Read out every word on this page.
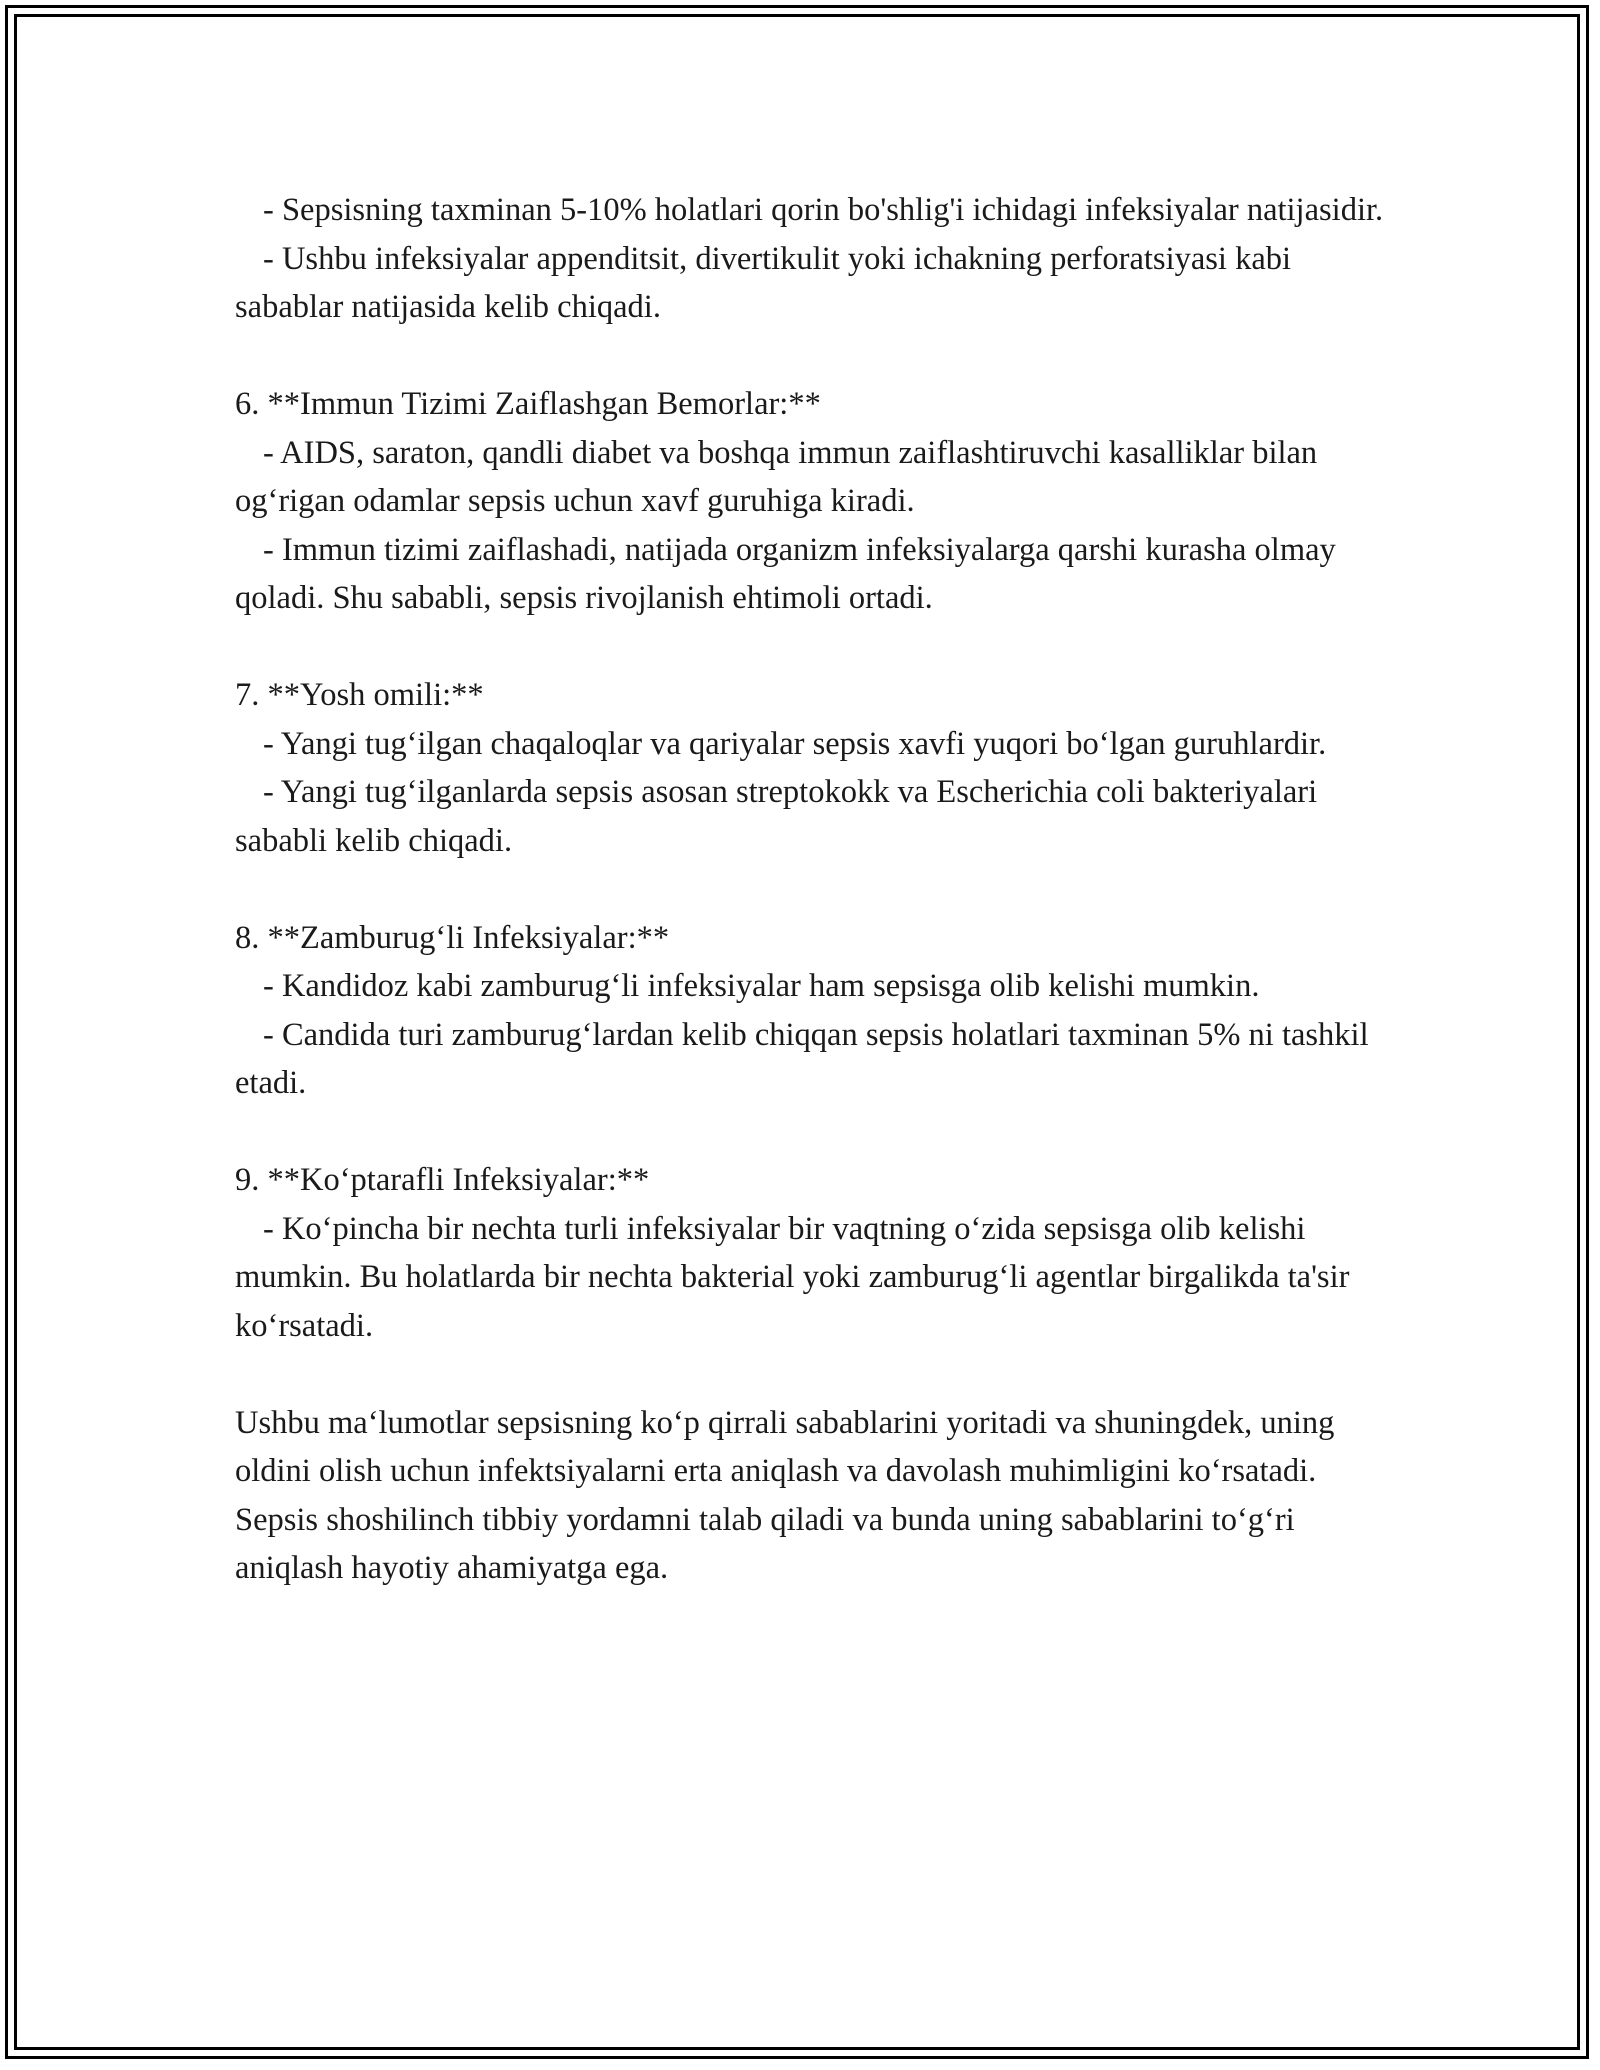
- Sepsisning taxminan 5-10% holatlari qorin bo'shlig'i ichidagi infeksiyalar natijasidir.
- Ushbu infeksiyalar appenditsit, divertikulit yoki ichakning perforatsiyasi kabi sabablar natijasida kelib chiqadi.
6. **Immun Tizimi Zaiflashgan Bemorlar:**
- AIDS, saraton, qandli diabet va boshqa immun zaiflashtiruvchi kasalliklar bilan og‘rigan odamlar sepsis uchun xavf guruhiga kiradi.
- Immun tizimi zaiflashadi, natijada organizm infeksiyalarga qarshi kurasha olmay qoladi. Shu sababli, sepsis rivojlanish ehtimoli ortadi.
7. **Yosh omili:**
- Yangi tug‘ilgan chaqaloqlar va qariyalar sepsis xavfi yuqori bo‘lgan guruhlardir.
- Yangi tug‘ilganlarda sepsis asosan streptokokk va Escherichia coli bakteriyalari sababli kelib chiqadi.
8. **Zamburug‘li Infeksiyalar:**
- Kandidoz kabi zamburug‘li infeksiyalar ham sepsisga olib kelishi mumkin.
- Candida turi zamburug‘lardan kelib chiqqan sepsis holatlari taxminan 5% ni tashkil etadi.
9. **Ko‘ptarafli Infeksiyalar:**
- Ko‘pincha bir nechta turli infeksiyalar bir vaqtning o‘zida sepsisga olib kelishi mumkin. Bu holatlarda bir nechta bakterial yoki zamburug‘li agentlar birgalikda ta'sir ko‘rsatadi.
Ushbu ma‘lumotlar sepsisning ko‘p qirrali sabablarini yoritadi va shuningdek, uning oldini olish uchun infektsiyalarni erta aniqlash va davolash muhimligini ko‘rsatadi. Sepsis shoshilinch tibbiy yordamni talab qiladi va bunda uning sabablarini to‘g‘ri aniqlash hayotiy ahamiyatga ega.
